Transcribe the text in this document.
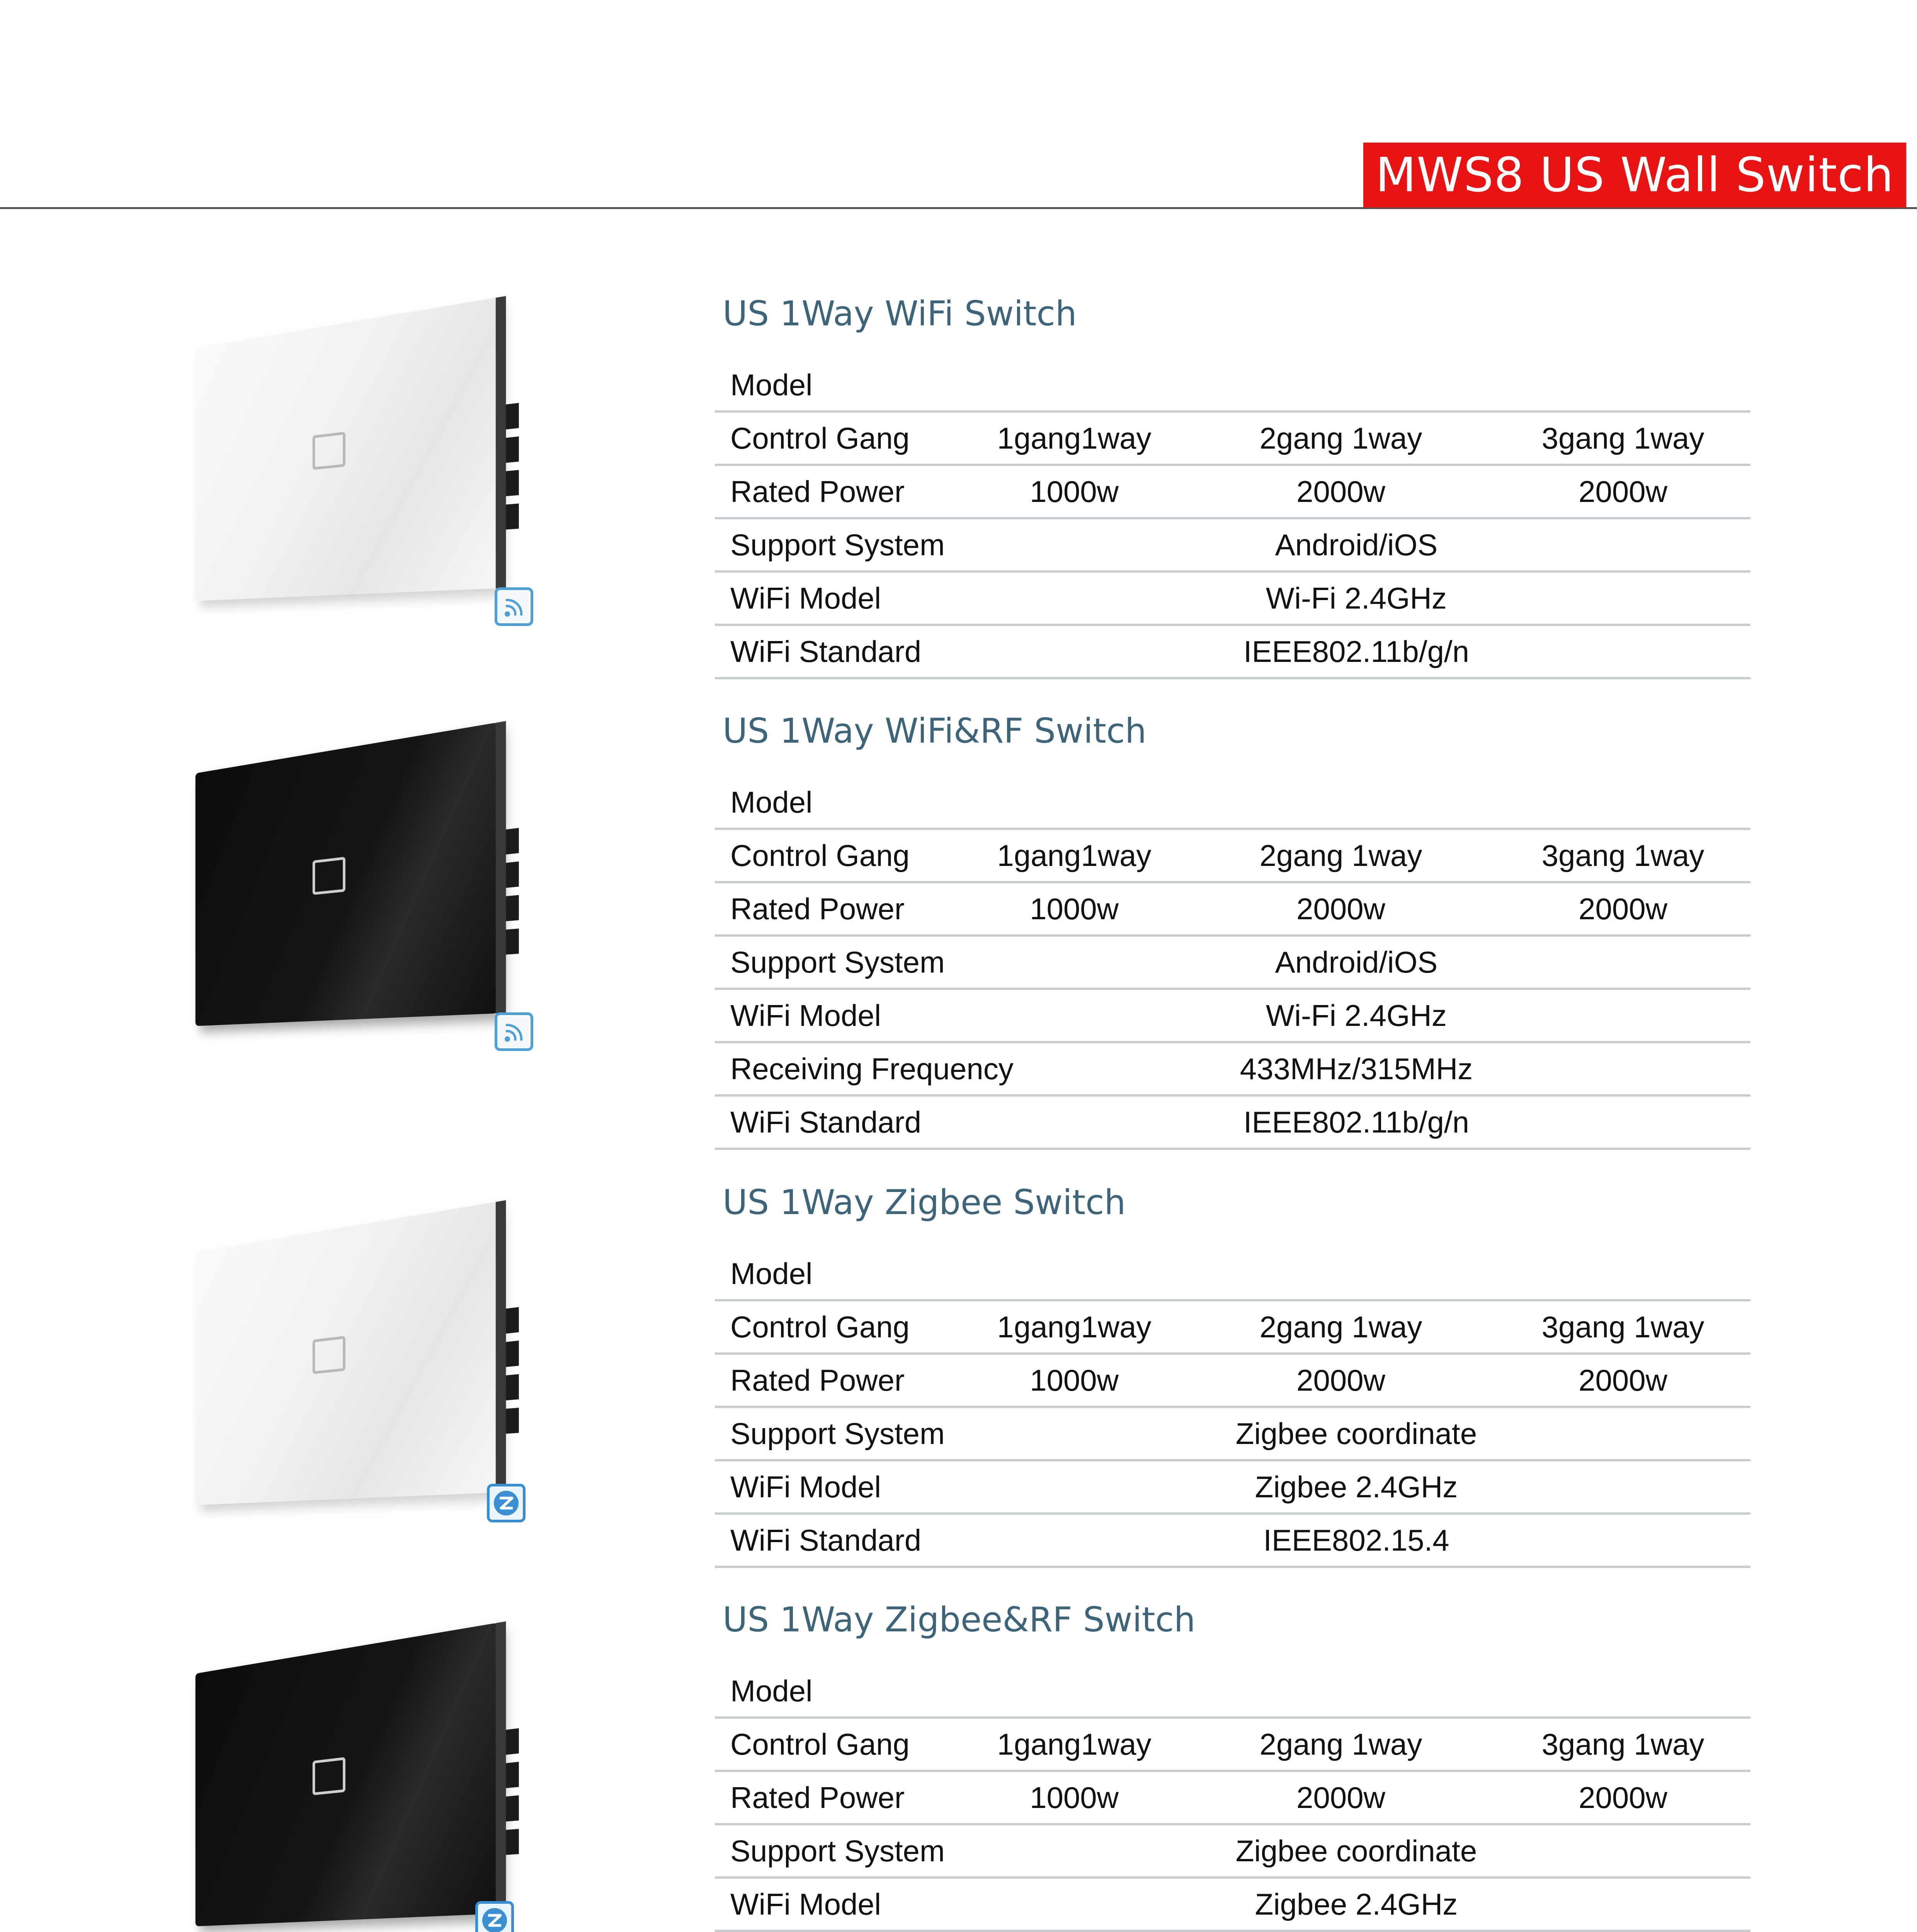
MWS8 US Wall Switch
US 1Way WiFi Switch
Model			
Control Gang	1gang1way	2gang 1way	3gang 1way
Rated Power	1000w	2000w	2000w
Support System	Android/iOS		
WiFi Model	Wi-Fi 2.4GHz		
WiFi Standard	IEEE802.11b/g/n		
US 1Way WiFi&RF Switch
Model			
Control Gang	1gang1way	2gang 1way	3gang 1way
Rated Power	1000w	2000w	2000w
Support System	Android/iOS		
WiFi Model	Wi-Fi 2.4GHz		
Receiving Frequency	433MHz/315MHz		
WiFi Standard	IEEE802.11b/g/n		
US 1Way Zigbee Switch
Model			
Control Gang	1gang1way	2gang 1way	3gang 1way
Rated Power	1000w	2000w	2000w
Support System	Zigbee coordinate		
WiFi Model	Zigbee 2.4GHz		
WiFi Standard	IEEE802.15.4		
US 1Way Zigbee&RF Switch
Model			
Control Gang	1gang1way	2gang 1way	3gang 1way
Rated Power	1000w	2000w	2000w
Support System	Zigbee coordinate		
WiFi Model	Zigbee 2.4GHz		
